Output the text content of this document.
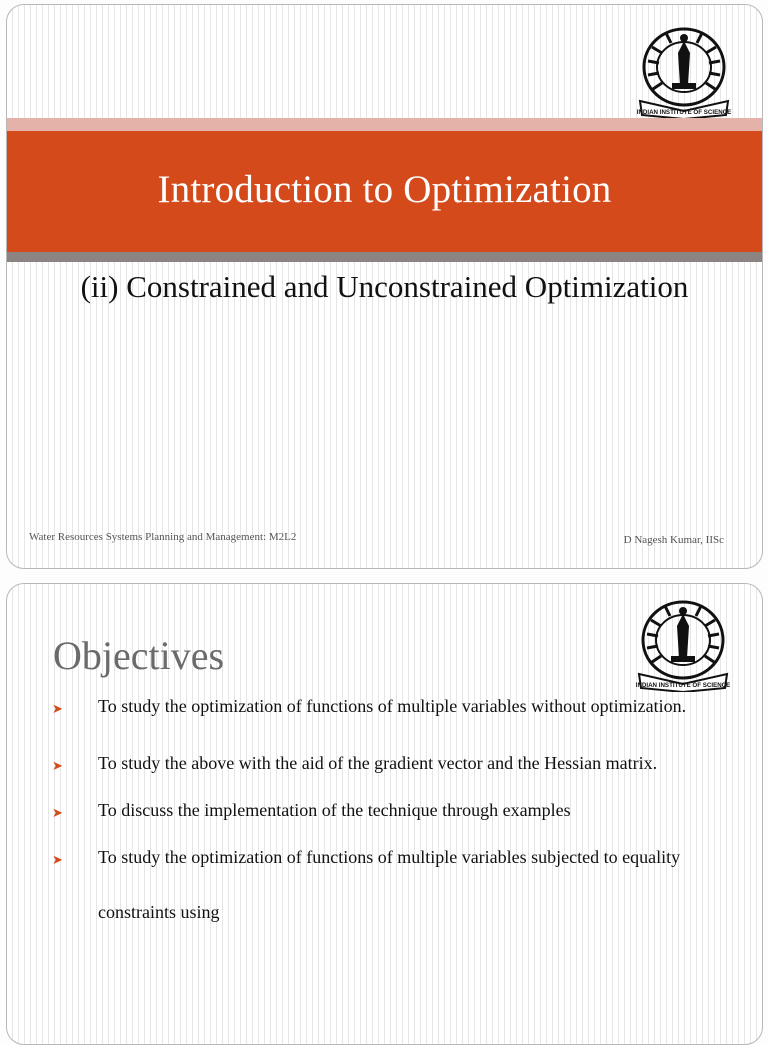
INDIAN INSTITUTE OF SCIENCE
Introduction to Optimization
(ii) Constrained and Unconstrained Optimization
Water Resources Systems Planning and Management: M2L2	D Nagesh Kumar, IISc
INDIAN INSTITUTE OF SCIENCE
Objectives
➤	To study the optimization of functions of multiple variables without optimization.
➤	To study the above with the aid of the gradient vector and the Hessian matrix.
➤	To discuss the implementation of the technique through examples
➤	To study the optimization of functions of multiple variables subjected to equality constraints using
